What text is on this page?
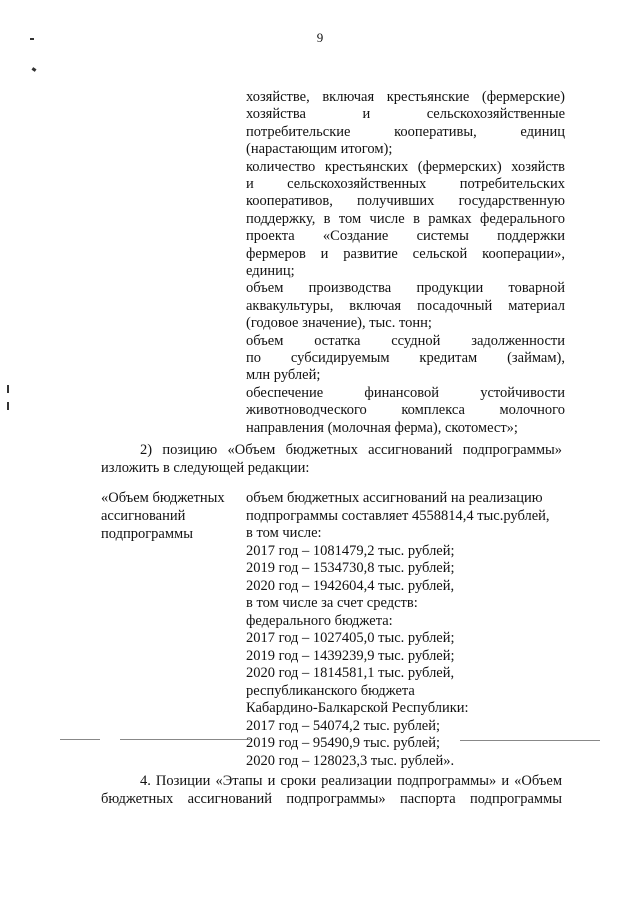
9
хозяйстве, включая крестьянские (фермерские)
хозяйства и сельскохозяйственные
потребительские кооперативы, единиц
(нарастающим итогом);
количество крестьянских (фермерских) хозяйств
и сельскохозяйственных потребительских
кооперативов, получивших государственную
поддержку, в том числе в рамках федерального
проекта «Создание системы поддержки
фермеров и развитие сельской кооперации»,
единиц;
объем производства продукции товарной
аквакультуры, включая посадочный материал
(годовое значение), тыс. тонн;
объем остатка ссудной задолженности
по субсидируемым кредитам (займам),
млн рублей;
обеспечение финансовой устойчивости
животноводческого комплекса молочного
направления (молочная ферма), скотомест»;
2) позицию «Объем бюджетных ассигнований подпрограммы»
изложить в следующей редакции:
«Объем бюджетных
ассигнований
подпрограммы
объем бюджетных ассигнований на реализацию
подпрограммы составляет 4558814,4 тыс.рублей,
в том числе:
2017 год – 1081479,2 тыс. рублей;
2019 год – 1534730,8 тыс. рублей;
2020 год – 1942604,4 тыс. рублей,
в том числе за счет средств:
федерального бюджета:
2017 год – 1027405,0 тыс. рублей;
2019 год – 1439239,9 тыс. рублей;
2020 год – 1814581,1 тыс. рублей,
республиканского бюджета
Кабардино-Балкарской Республики:
2017 год – 54074,2 тыс. рублей;
2019 год – 95490,9 тыс. рублей;
2020 год – 128023,3 тыс. рублей».
4. Позиции «Этапы и сроки реализации подпрограммы» и «Объем
бюджетных ассигнований подпрограммы» паспорта подпрограммы
